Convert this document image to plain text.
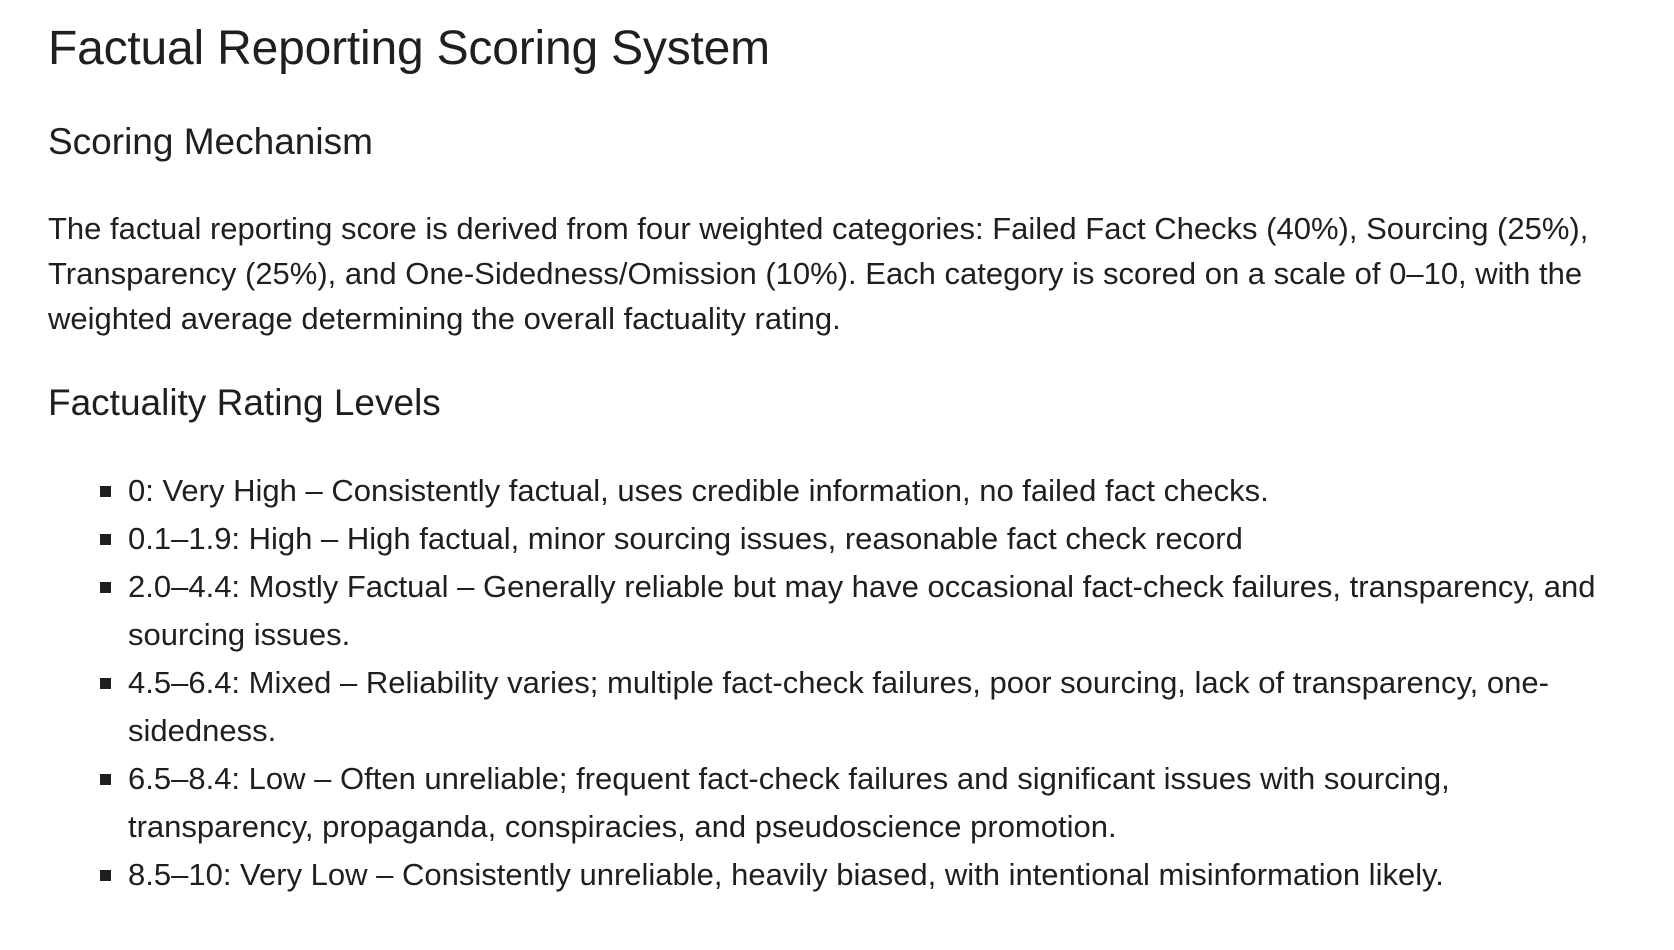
Factual Reporting Scoring System
Scoring Mechanism

The factual reporting score is derived from four weighted categories: Failed Fact Checks (40%), Sourcing (25%), Transparency (25%), and One-Sidedness/Omission (10%). Each category is scored on a scale of 0–10, with the weighted average determining the overall factuality rating.

Factuality Rating Levels
0: Very High – Consistently factual, uses credible information, no failed fact checks.
0.1–1.9: High – High factual, minor sourcing issues, reasonable fact check record
2.0–4.4: Mostly Factual – Generally reliable but may have occasional fact-check failures, transparency, and sourcing issues.
4.5–6.4: Mixed – Reliability varies; multiple fact-check failures, poor sourcing, lack of transparency, one-sidedness.
6.5–8.4: Low – Often unreliable; frequent fact-check failures and significant issues with sourcing, transparency, propaganda, conspiracies, and pseudoscience promotion.
8.5–10: Very Low – Consistently unreliable, heavily biased, with intentional misinformation likely.
